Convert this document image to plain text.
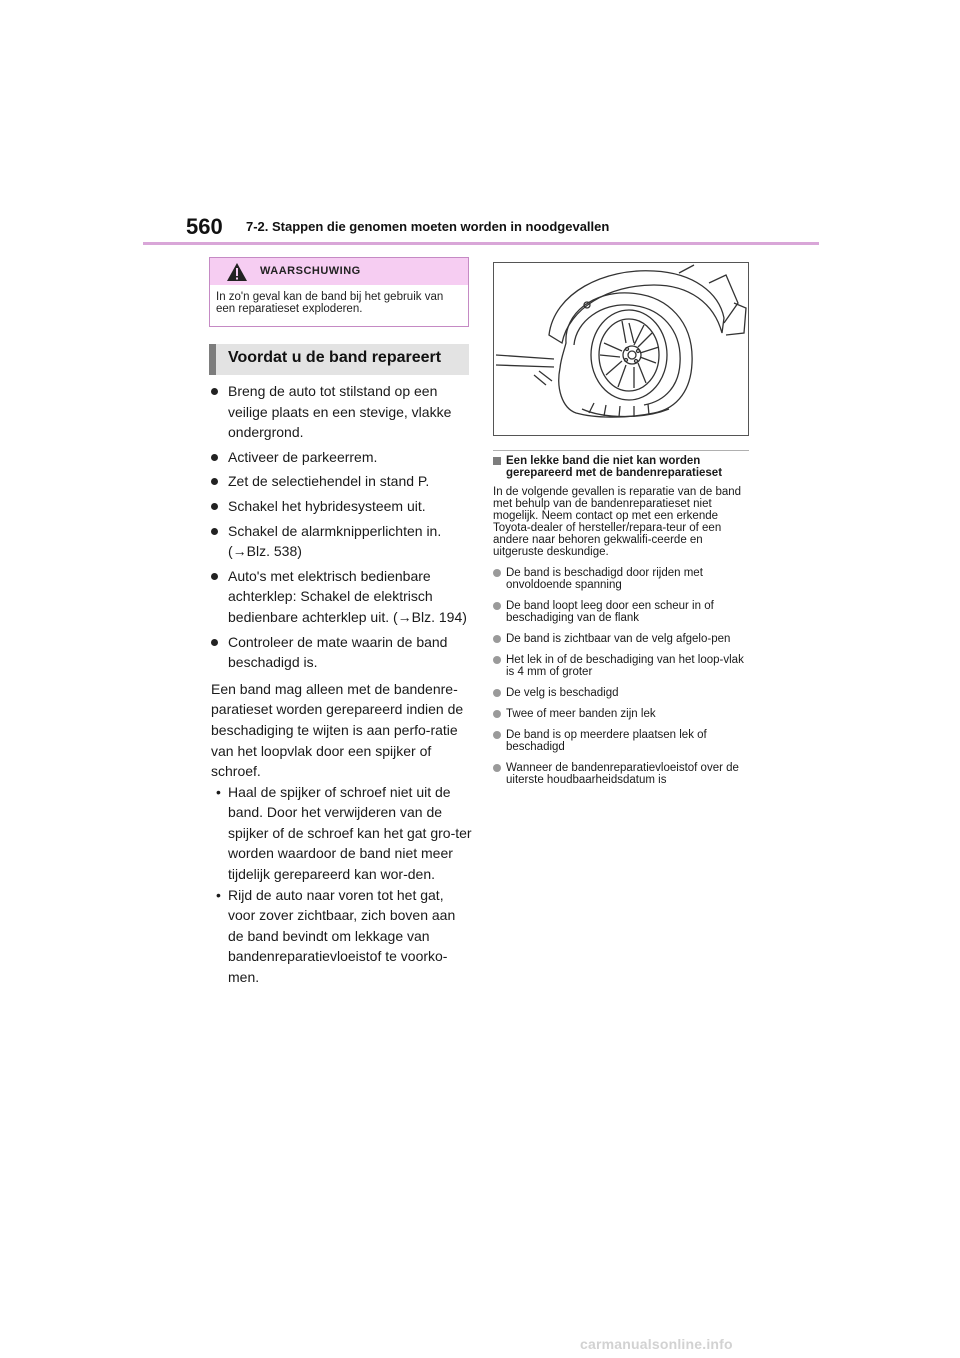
560 7-2. Stappen die genomen moeten worden in noodgevallen
WAARSCHUWING
In zo'n geval kan de band bij het gebruik van een reparatieset exploderen.
Voordat u de band repareert
Breng de auto tot stilstand op een veilige plaats en een stevige, vlakke ondergrond.
Activeer de parkeerrem.
Zet de selectiehendel in stand P.
Schakel het hybridesysteem uit.
Schakel de alarmknipperlichten in. (→Blz. 538)
Auto's met elektrisch bedienbare achterklep: Schakel de elektrisch bedienbare achterklep uit. (→Blz. 194)
Controleer de mate waarin de band beschadigd is.
Een band mag alleen met de bandenre-paratieset worden gerepareerd indien de beschadiging te wijten is aan perfo-ratie van het loopvlak door een spijker of schroef.
• Haal de spijker of schroef niet uit de band. Door het verwijderen van de spijker of de schroef kan het gat gro-ter worden waardoor de band niet meer tijdelijk gerepareerd kan wor-den.
• Rijd de auto naar voren tot het gat, voor zover zichtbaar, zich boven aan de band bevindt om lekkage van bandenreparatievloeistof te voorko-men.
Een lekke band die niet kan worden gerepareerd met de bandenreparatieset
In de volgende gevallen is reparatie van de band met behulp van de bandenreparatieset niet mogelijk. Neem contact op met een erkende Toyota-dealer of hersteller/repara-teur of een andere naar behoren gekwalifi-ceerde en uitgeruste deskundige.
De band is beschadigd door rijden met onvoldoende spanning
De band loopt leeg door een scheur in of beschadiging van de flank
De band is zichtbaar van de velg afgelo-pen
Het lek in of de beschadiging van het loop-vlak is 4 mm of groter
De velg is beschadigd
Twee of meer banden zijn lek
De band is op meerdere plaatsen lek of beschadigd
Wanneer de bandenreparatievloeistof over de uiterste houdbaarheidsdatum is
carmanualsonline.info
